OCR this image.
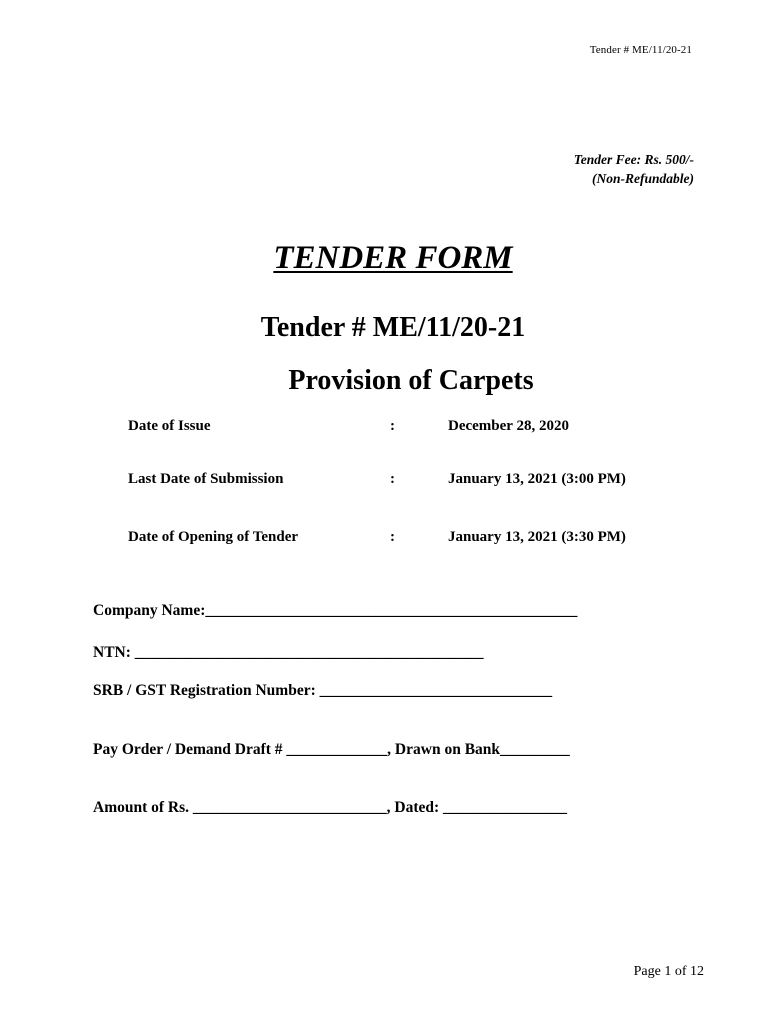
Tender # ME/11/20-21
Tender Fee: Rs. 500/-
(Non-Refundable)
TENDER FORM
Tender # ME/11/20-21
Provision of Carpets
Date of Issue	:	December 28, 2020
Last Date of Submission	:	January 13, 2021 (3:00 PM)
Date of Opening of Tender	:	January 13, 2021 (3:30 PM)
Company Name:________________________________________________
NTN: _____________________________________________
SRB / GST Registration Number: ______________________________
Pay Order / Demand Draft # _____________, Drawn on Bank_________
Amount of Rs. _________________________, Dated: ________________
Page 1 of 12
